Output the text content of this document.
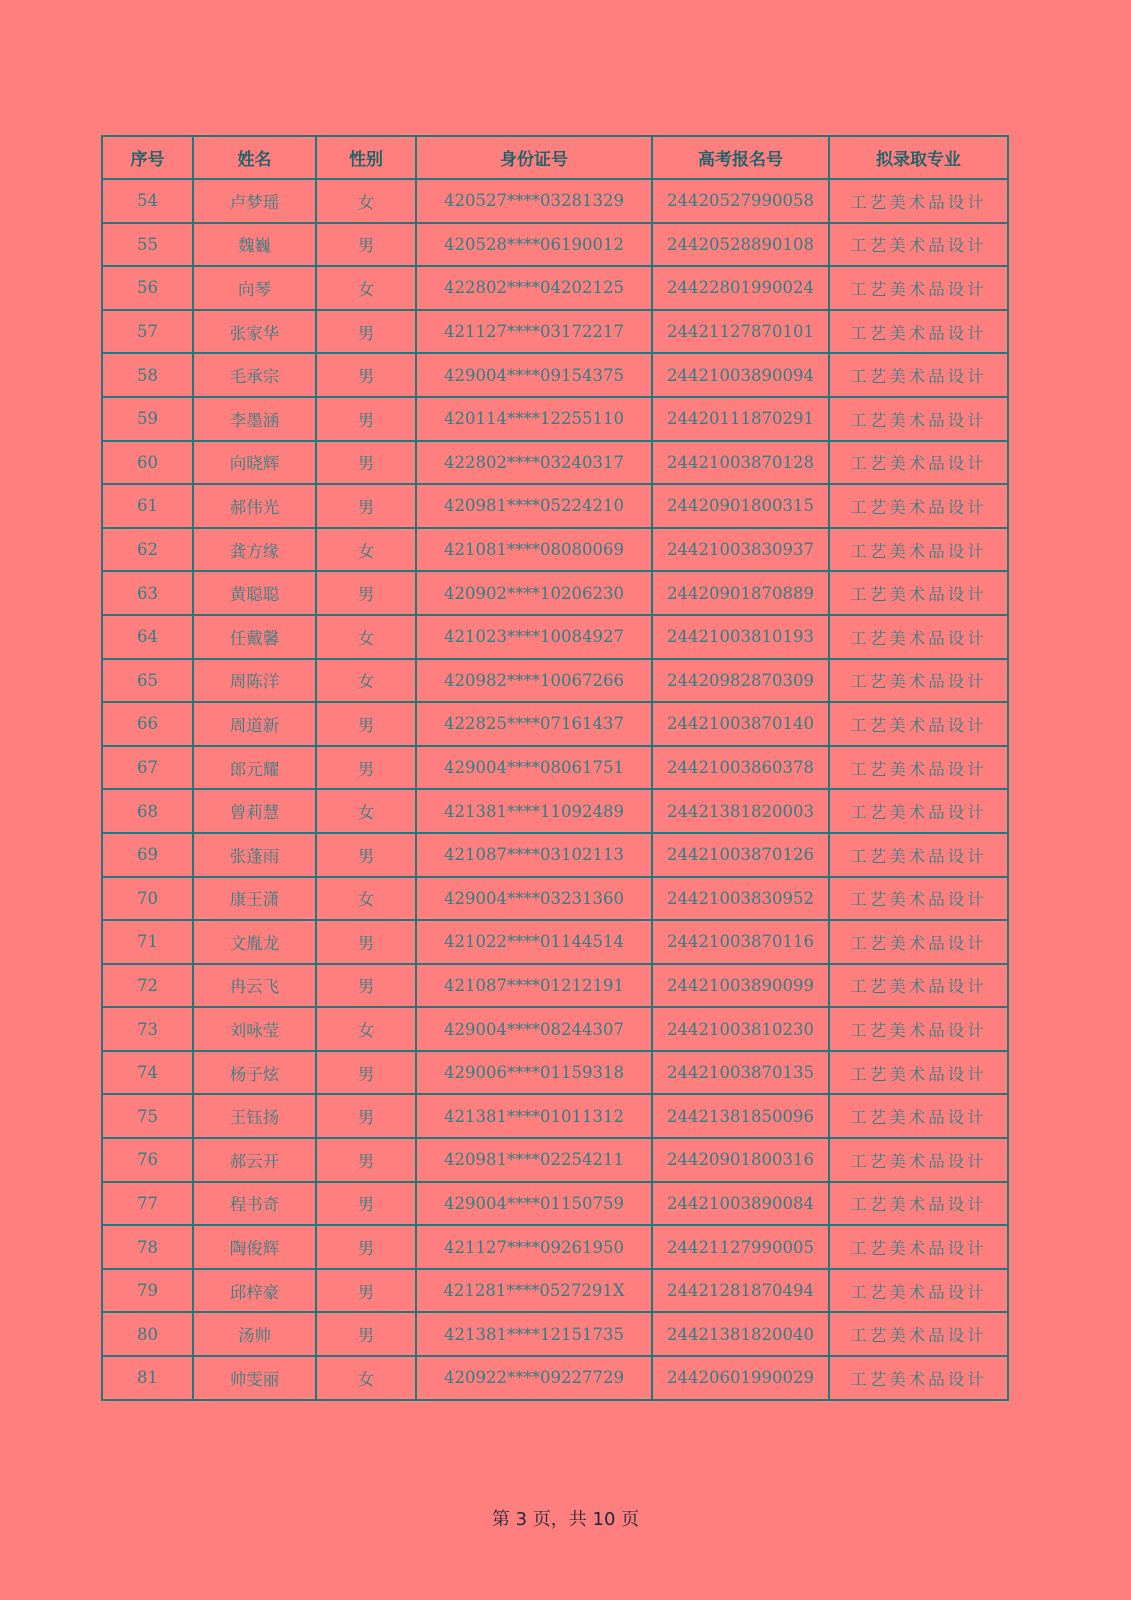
序号	姓名	性别	身份证号	高考报名号	拟录取专业
54	卢梦瑶	女	420527****03281329	24420527990058	工艺美术品设计
55	魏巍	男	420528****06190012	24420528890108	工艺美术品设计
56	向琴	女	422802****04202125	24422801990024	工艺美术品设计
57	张家华	男	421127****03172217	24421127870101	工艺美术品设计
58	毛承宗	男	429004****09154375	24421003890094	工艺美术品设计
59	李墨涵	男	420114****12255110	24420111870291	工艺美术品设计
60	向晓辉	男	422802****03240317	24421003870128	工艺美术品设计
61	郝伟光	男	420981****05224210	24420901800315	工艺美术品设计
62	龚方缘	女	421081****08080069	24421003830937	工艺美术品设计
63	黄聪聪	男	420902****10206230	24420901870889	工艺美术品设计
64	任戴馨	女	421023****10084927	24421003810193	工艺美术品设计
65	周陈洋	女	420982****10067266	24420982870309	工艺美术品设计
66	周道新	男	422825****07161437	24421003870140	工艺美术品设计
67	郎元耀	男	429004****08061751	24421003860378	工艺美术品设计
68	曾莉慧	女	421381****11092489	24421381820003	工艺美术品设计
69	张蓬雨	男	421087****03102113	24421003870126	工艺美术品设计
70	康王潇	女	429004****03231360	24421003830952	工艺美术品设计
71	文胤龙	男	421022****01144514	24421003870116	工艺美术品设计
72	冉云飞	男	421087****01212191	24421003890099	工艺美术品设计
73	刘咏莹	女	429004****08244307	24421003810230	工艺美术品设计
74	杨子炫	男	429006****01159318	24421003870135	工艺美术品设计
75	王钰扬	男	421381****01011312	24421381850096	工艺美术品设计
76	郝云开	男	420981****02254211	24420901800316	工艺美术品设计
77	程书奇	男	429004****01150759	24421003890084	工艺美术品设计
78	陶俊辉	男	421127****09261950	24421127990005	工艺美术品设计
79	邱梓豪	男	421281****0527291X	24421281870494	工艺美术品设计
80	汤帅	男	421381****12151735	24421381820040	工艺美术品设计
81	帅雯丽	女	420922****09227729	24420601990029	工艺美术品设计
第 3 页，共 10 页
